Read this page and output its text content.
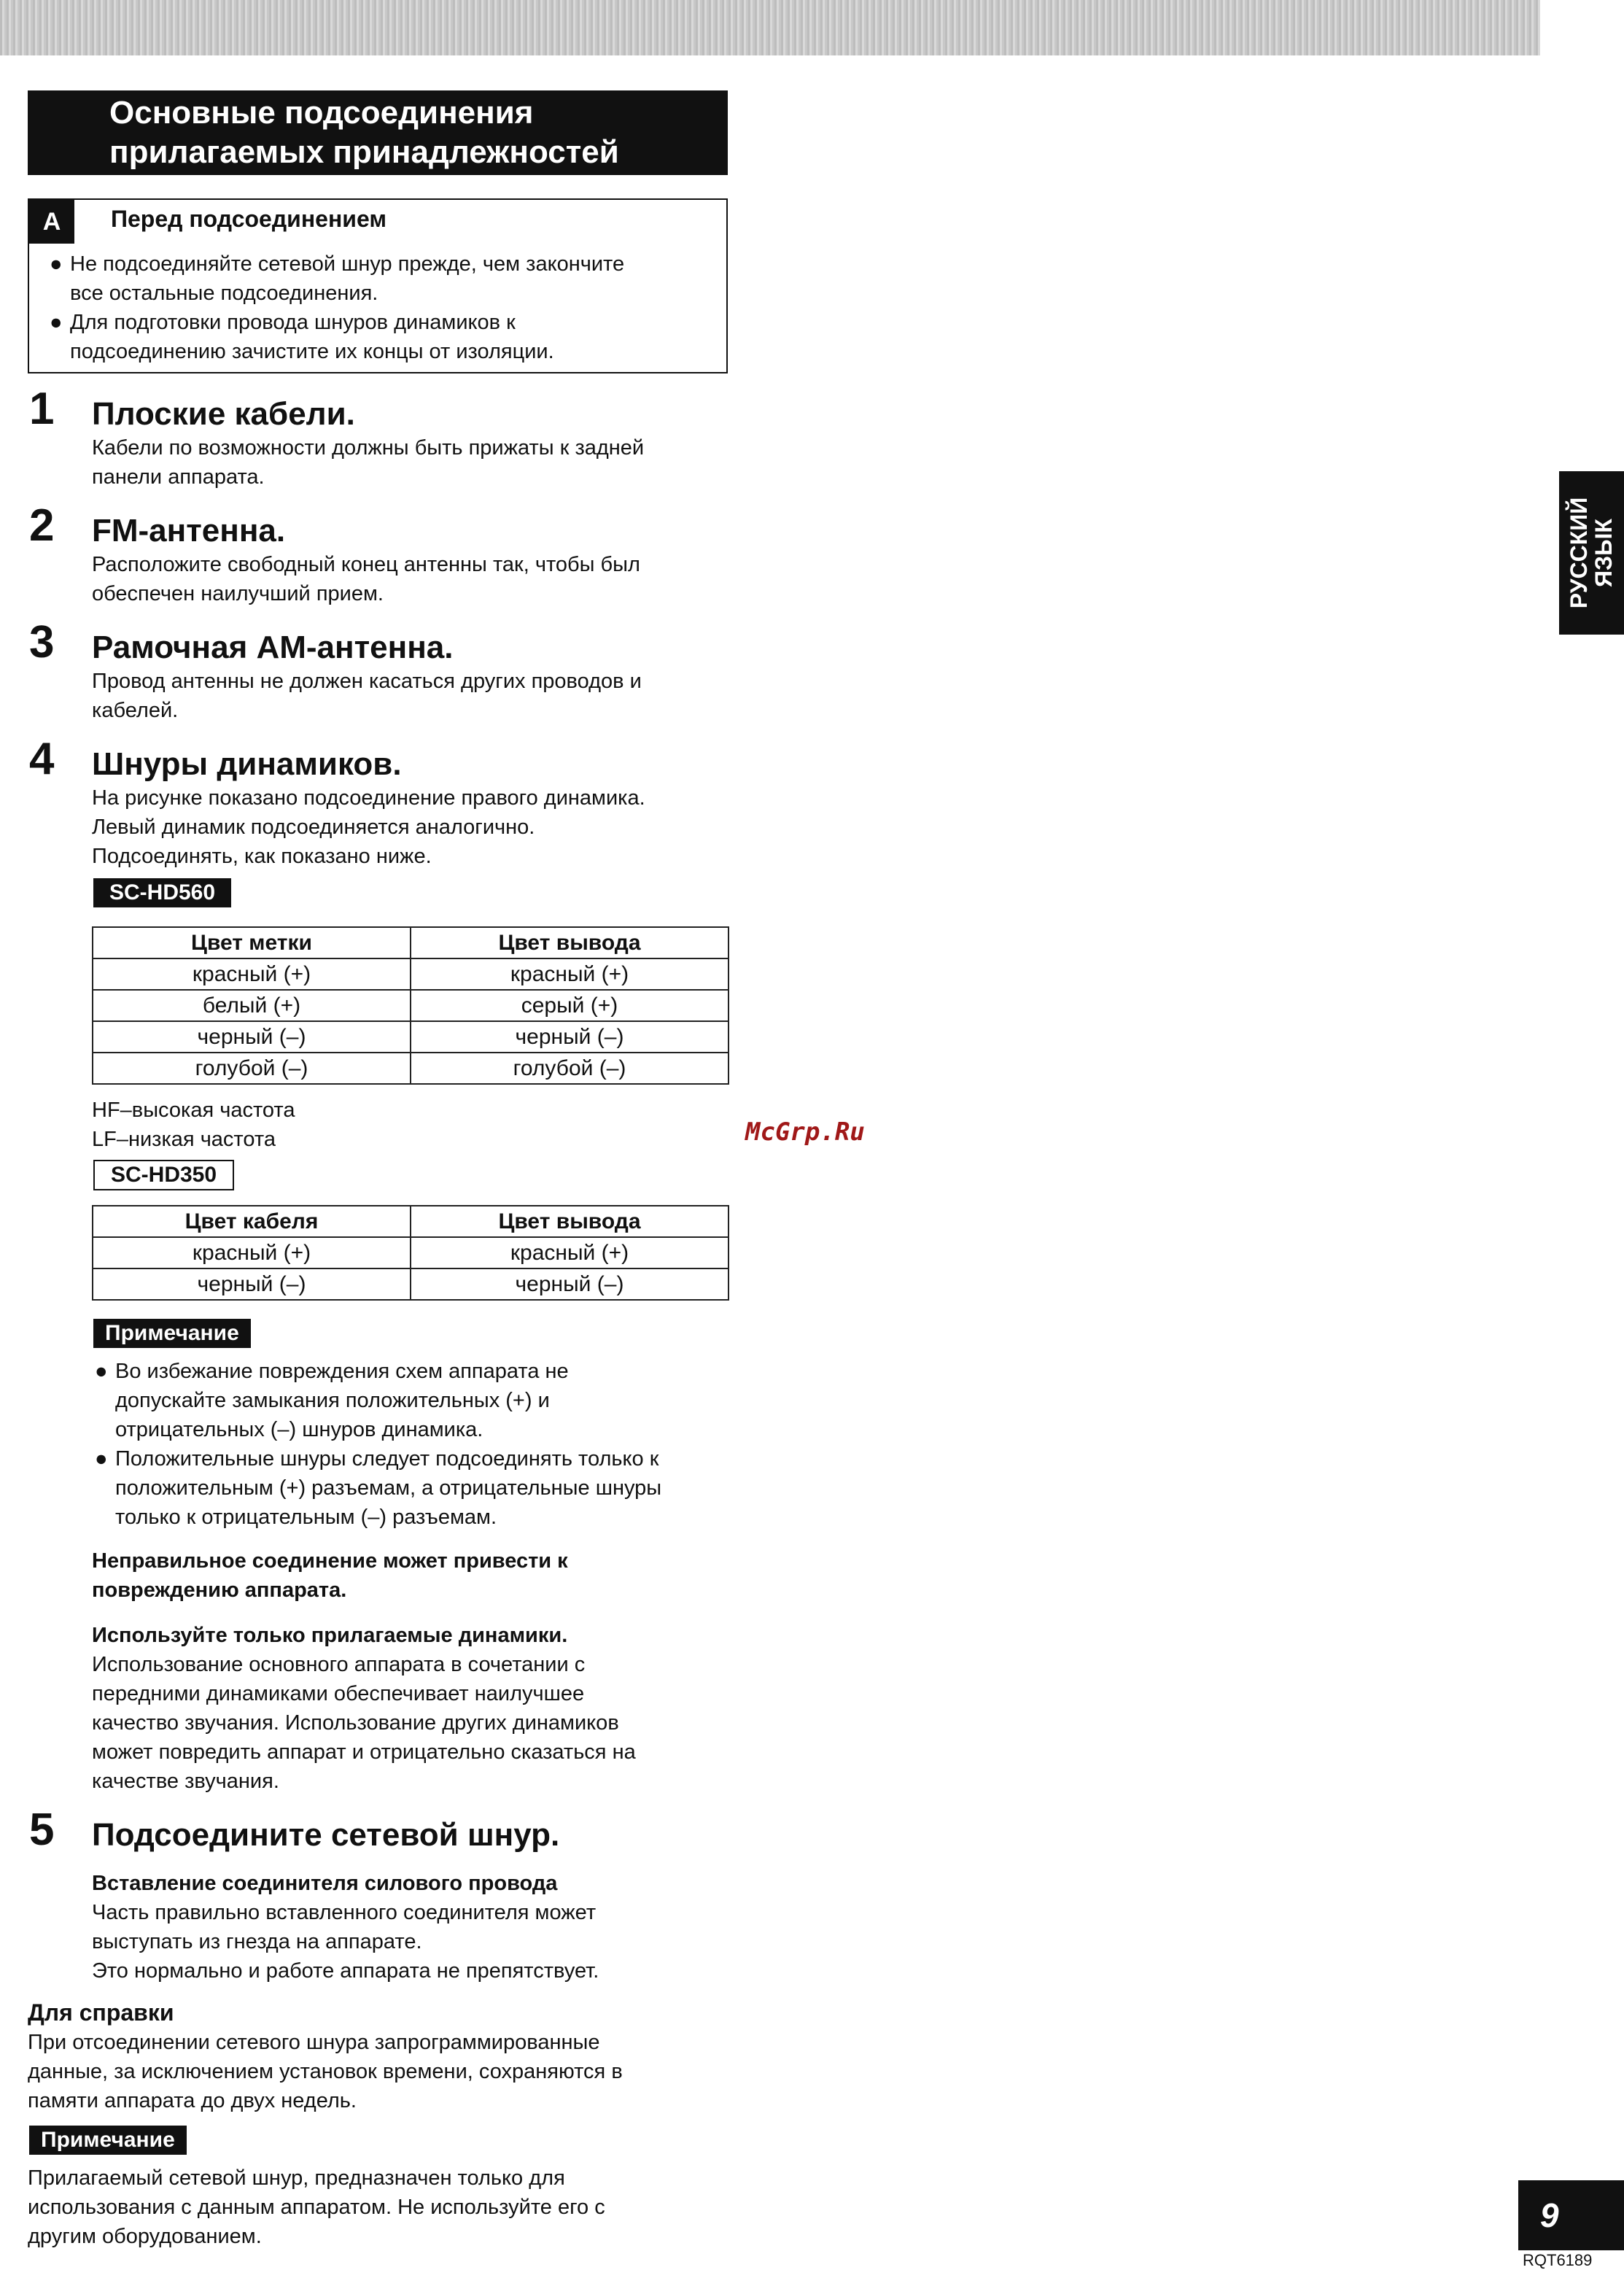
Основные подсоединения
прилагаемых принадлежностей
A	Перед подсоединением
● Не подсоединяйте сетевой шнур прежде, чем закончите
все остальные подсоединения.
● Для подготовки провода шнуров динамиков к
подсоединению зачистите их концы от изоляции.
1 Плоские кабели.
Кабели по возможности должны быть прижаты к задней
панели аппарата.
2 FM-антенна.
Расположите свободный конец антенны так, чтобы был
обеспечен наилучший прием.
3 Рамочная АМ-антенна.
Провод антенны не должен касаться других проводов и
кабелей.
4 Шнуры динамиков.
На рисунке показано подсоединение правого динамика.
Левый динамик подсоединяется аналогично.
Подсоединять, как показано ниже.
SC-HD560
Цвет метки	Цвет вывода
красный (+)	красный (+)
белый (+)	серый (+)
черный (–)	черный (–)
голубой (–)	голубой (–)
HF–высокая частота
LF–низкая частота
SC-HD350
Цвет кабеля	Цвет вывода
красный (+)	красный (+)
черный (–)	черный (–)
Примечание
● Во избежание повреждения схем аппарата не
допускайте замыкания положительных (+) и
отрицательных (–) шнуров динамика.
● Положительные шнуры следует подсоединять только к
положительным (+) разъемам, а отрицательные шнуры
только к отрицательным (–) разъемам.
Неправильное соединение может привести к
повреждению аппарата.
Используйте только прилагаемые динамики.
Использование основного аппарата в сочетании с
передними динамиками обеспечивает наилучшее
качество звучания. Использование других динамиков
может повредить аппарат и отрицательно сказаться на
качестве звучания.
5 Подсоедините сетевой шнур.
Вставление соединителя силового провода
Часть правильно вставленного соединителя может
выступать из гнезда на аппарате.
Это нормально и работе аппарата не препятствует.
Для справки
При отсоединении сетевого шнура запрограммированные
данные, за исключением установок времени, сохраняются в
памяти аппарата до двух недель.
Примечание
Прилагаемый сетевой шнур, предназначен только для
использования с данным аппаратом. Не используйте его с
другим оборудованием.
McGrp.Ru
РУССКИЙ
ЯЗЫК
9
RQT6189
